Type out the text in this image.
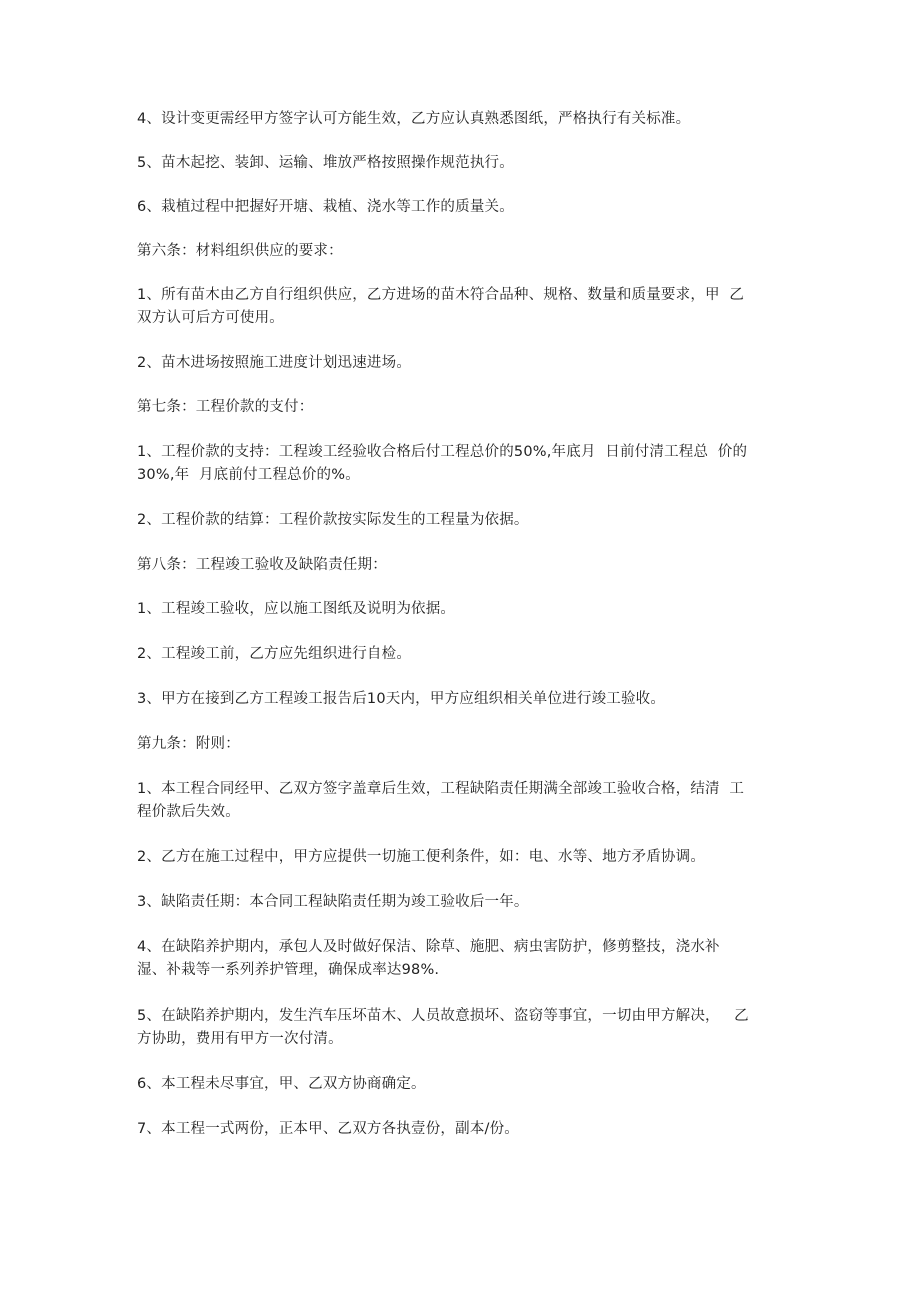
4、设计变更需经甲方签字认可方能生效，乙方应认真熟悉图纸，严格执行有关标准。

5、苗木起挖、装卸、运输、堆放严格按照操作规范执行。

6、栽植过程中把握好开塘、栽植、浇水等工作的质量关。

第六条：材料组织供应的要求：

1、所有苗木由乙方自行组织供应，乙方进场的苗木符合品种、规格、数量和质量要求，甲  乙
双方认可后方可使用。

2、苗木进场按照施工进度计划迅速进场。

第七条：工程价款的支付：

1、工程价款的支持：工程竣工经验收合格后付工程总价的50%,年底月  日前付清工程总  价的
30%,年  月底前付工程总价的%。

2、工程价款的结算：工程价款按实际发生的工程量为依据。

第八条：工程竣工验收及缺陷责任期：

1、工程竣工验收，应以施工图纸及说明为依据。

2、工程竣工前，乙方应先组织进行自检。

3、甲方在接到乙方工程竣工报告后10天内，甲方应组织相关单位进行竣工验收。

第九条：附则：

1、本工程合同经甲、乙双方签字盖章后生效，工程缺陷责任期满全部竣工验收合格，结清  工
程价款后失效。

2、乙方在施工过程中，甲方应提供一切施工便利条件，如：电、水等、地方矛盾协调。

3、缺陷责任期：本合同工程缺陷责任期为竣工验收后一年。

4、在缺陷养护期内，承包人及时做好保洁、除草、施肥、病虫害防护，修剪整技，浇水补
湿、补栽等一系列养护管理，确保成率达98%.

5、在缺陷养护期内，发生汽车压坏苗木、人员故意损坏、盗窃等事宜，一切由甲方解决，   乙
方协助，费用有甲方一次付清。

6、本工程未尽事宜，甲、乙双方协商确定。

7、本工程一式两份，正本甲、乙双方各执壹份，副本/份。
